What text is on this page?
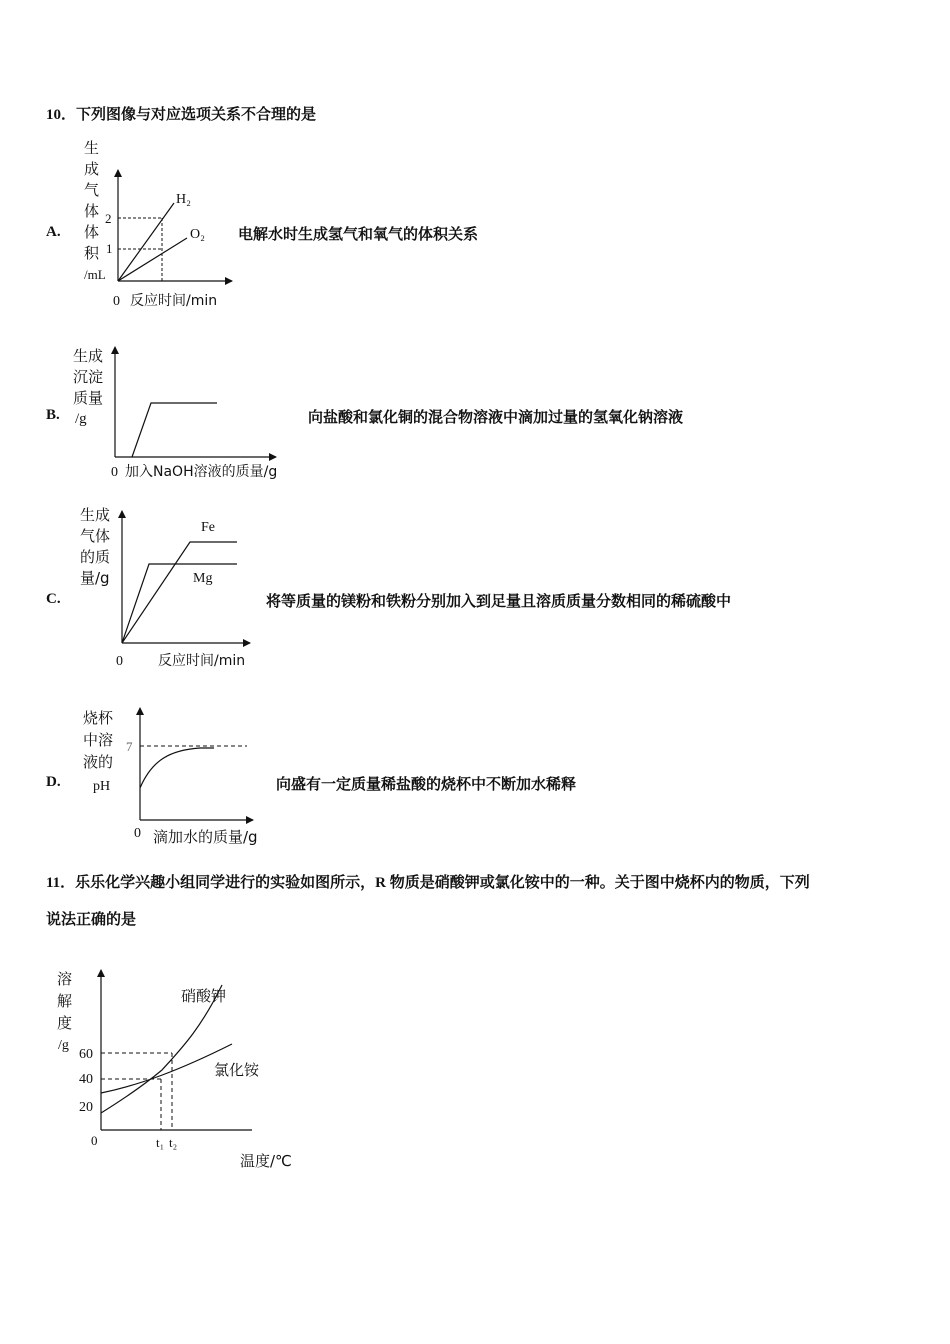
10．下列图像与对应选项关系不合理的是
A.	电解水时生成氢气和氧气的体积关系
B.	向盐酸和氯化铜的混合物溶液中滴加过量的氢氧化钠溶液
C.	将等质量的镁粉和铁粉分别加入到足量且溶质质量分数相同的稀硫酸中
D.	向盛有一定质量稀盐酸的烧杯中不断加水稀释
11．乐乐化学兴趣小组同学进行的实验如图所示，R 物质是硝酸钾或氯化铵中的一种。关于图中烧杯内的物质，下列
说法正确的是
生
成
气
体
体
积
/mL
0 反应时间/min
2
1
H₂
O₂
生成
沉淀
质量
/g
0 加入NaOH溶液的质量/g
生成
气体
的质
量/g
Fe
Mg
0	反应时间/min
烧杯
中溶
液的
pH
7
0 滴加水的质量/g
溶
解
度
/g
60
40
20
0
硝酸钾
氯化铵
t₁ t₂
温度/℃
